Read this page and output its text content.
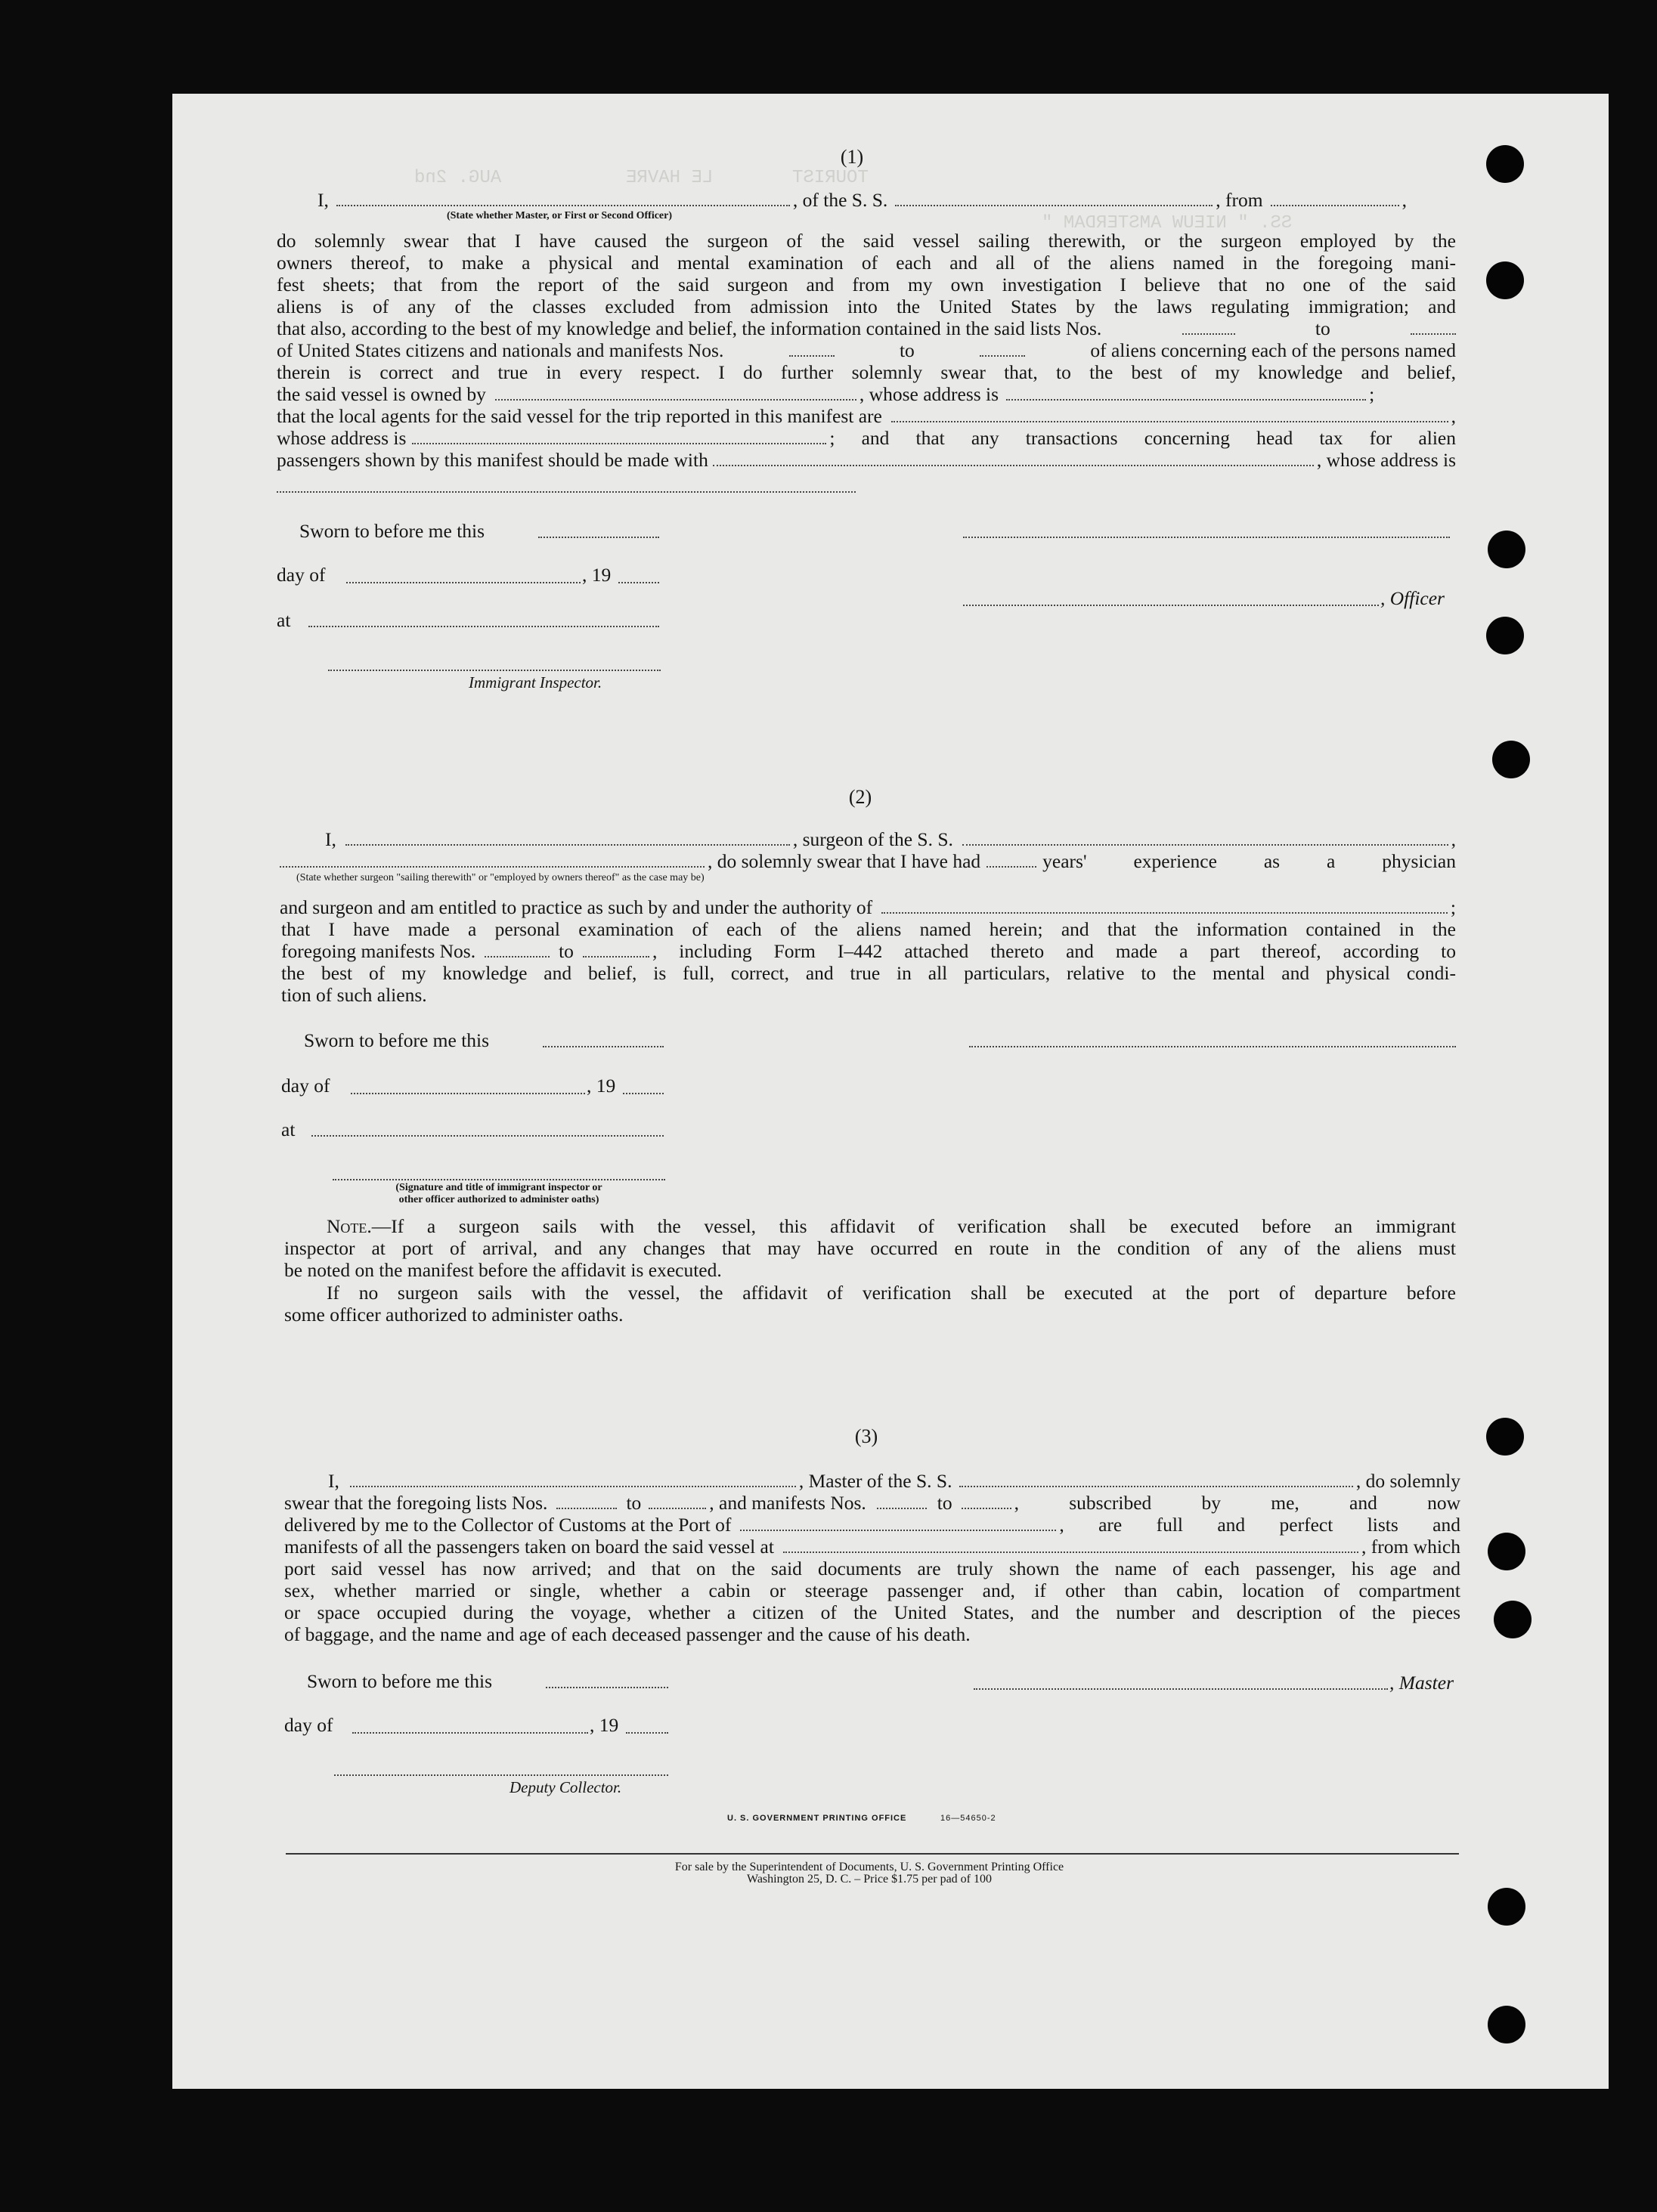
TOURIST
LE HAVRE
AUG. 2nd
SS. " NIEUW AMSTERDAM "
(1)
I,	, of the S. S.	, from	,
(State whether Master, or First or Second Officer)
do solemnly swear that I have caused the surgeon of the said vessel sailing therewith, or the surgeon employed by the
owners thereof, to make a physical and mental examination of each and all of the aliens named in the foregoing mani-
fest sheets; that from the report of the said surgeon and from my own investigation I believe that no one of the said
aliens is of any of the classes excluded from admission into the United States by the laws regulating immigration; and
that also, according to the best of my knowledge and belief, the information contained in the said lists Nos.	to
of United States citizens and nationals and manifests Nos.	to	of aliens concerning each of the persons named
therein is correct and true in every respect. I do further solemnly swear that, to the best of my knowledge and belief,
the said vessel is owned by	, whose address is	;
that the local agents for the said vessel for the trip reported in this manifest are	,
whose address is	; and that any transactions concerning head tax for alien
passengers shown by this manifest should be made with	, whose address is
Sworn to before me this
day of	, 19
at
, Officer
Immigrant Inspector.
(2)
I,	, surgeon of the S. S.	,
, do solemnly swear that I have had	years' experience as a physician
(State whether surgeon "sailing therewith" or "employed by owners thereof" as the case may be)
and surgeon and am entitled to practice as such by and under the authority of	;
that I have made a personal examination of each of the aliens named herein; and that the information contained in the
foregoing manifests Nos.	to	, including Form I–442 attached thereto and made a part thereof, according to
the best of my knowledge and belief, is full, correct, and true in all particulars, relative to the mental and physical condi-
tion of such aliens.
Sworn to before me this
day of	, 19
at
(Signature and title of immigrant inspector or
other officer authorized to administer oaths)
Note. —If a surgeon sails with the vessel, this affidavit of verification shall be executed before an immigrant
inspector at port of arrival, and any changes that may have occurred en route in the condition of any of the aliens must
be noted on the manifest before the affidavit is executed.
If no surgeon sails with the vessel, the affidavit of verification shall be executed at the port of departure before
some officer authorized to administer oaths.
(3)
I,	, Master of the S. S.	, do solemnly
swear that the foregoing lists Nos.	to	, and manifests Nos.	to	, subscribed by me, and now
delivered by me to the Collector of Customs at the Port of	, are full and perfect lists and
manifests of all the passengers taken on board the said vessel at	, from which
port said vessel has now arrived; and that on the said documents are truly shown the name of each passenger, his age and
sex, whether married or single, whether a cabin or steerage passenger and, if other than cabin, location of compartment
or space occupied during the voyage, whether a citizen of the United States, and the number and description of the pieces
of baggage, and the name and age of each deceased passenger and the cause of his death.
Sworn to before me this	, Master
day of	, 19
Deputy Collector.
U. S. GOVERNMENT PRINTING OFFICE	16—54650-2
For sale by the Superintendent of Documents, U. S. Government Printing Office
Washington 25, D. C. – Price $1.75 per pad of 100
